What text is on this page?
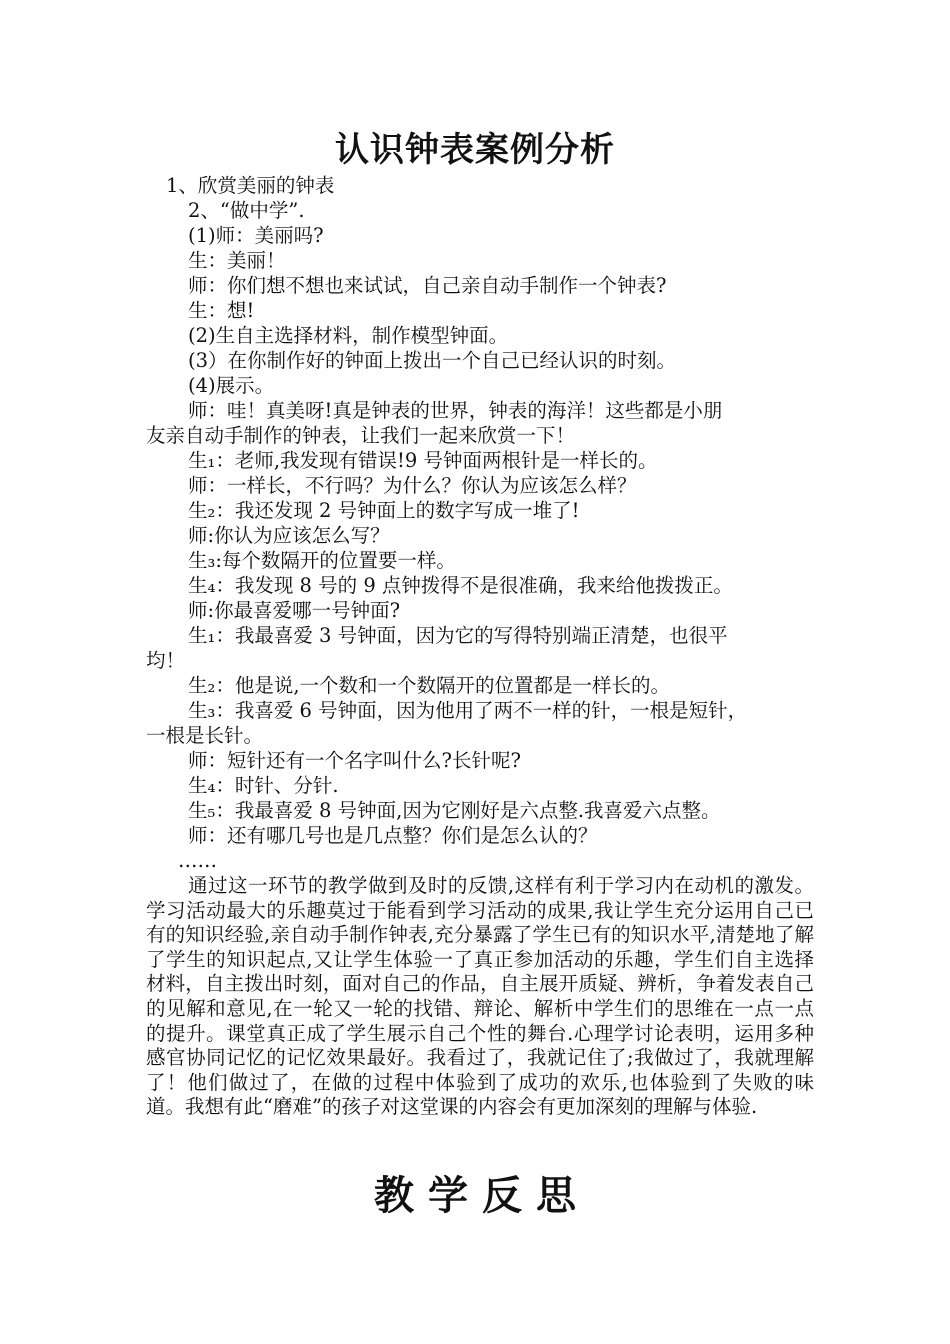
认识钟表案例分析
1、欣赏美丽的钟表
2、“做中学”.
(1)师：美丽吗?
生：美丽！
师：你们想不想也来试试，自己亲自动手制作一个钟表?
生：想!
(2)生自主选择材料，制作模型钟面。
(3）在你制作好的钟面上拨出一个自己已经认识的时刻。
(4)展示。
师：哇！真美呀!真是钟表的世界，钟表的海洋！这些都是小朋
友亲自动手制作的钟表，让我们一起来欣赏一下！
生₁：老师,我发现有错误!9 号钟面两根针是一样长的。
师：一样长，不行吗？为什么？你认为应该怎么样？
生₂：我还发现 2 号钟面上的数字写成一堆了!
师:你认为应该怎么写？
生₃:每个数隔开的位置要一样。
生₄：我发现 8 号的 9 点钟拨得不是很准确，我来给他拨拨正。
师:你最喜爱哪一号钟面?
生₁：我最喜爱 3 号钟面，因为它的写得特别端正清楚，也很平
均！
生₂：他是说,一个数和一个数隔开的位置都是一样长的。
生₃：我喜爱 6 号钟面，因为他用了两不一样的针，一根是短针，
一根是长针。
师：短针还有一个名字叫什么?长针呢?
生₄：时针、分针.
生₅：我最喜爱 8 号钟面,因为它刚好是六点整.我喜爱六点整。
师：还有哪几号也是几点整？你们是怎么认的？
……

通过这一环节的教学做到及时的反馈,这样有利于学习内在动机的激发。学习活动最大的乐趣莫过于能看到学习活动的成果,我让学生充分运用自己已有的知识经验,亲自动手制作钟表,充分暴露了学生已有的知识水平,清楚地了解了学生的知识起点,又让学生体验一了真正参加活动的乐趣，学生们自主选择材料，自主拨出时刻，面对自己的作品，自主展开质疑、辨析，争着发表自己的见解和意见,在一轮又一轮的找错、辩论、解析中学生们的思维在一点一点的提升。课堂真正成了学生展示自己个性的舞台.心理学讨论表明，运用多种感官协同记忆的记忆效果最好。我看过了，我就记住了;我做过了，我就理解了！他们做过了，在做的过程中体验到了成功的欢乐,也体验到了失败的味道。我想有此“磨难”的孩子对这堂课的内容会有更加深刻的理解与体验.

教学反思
